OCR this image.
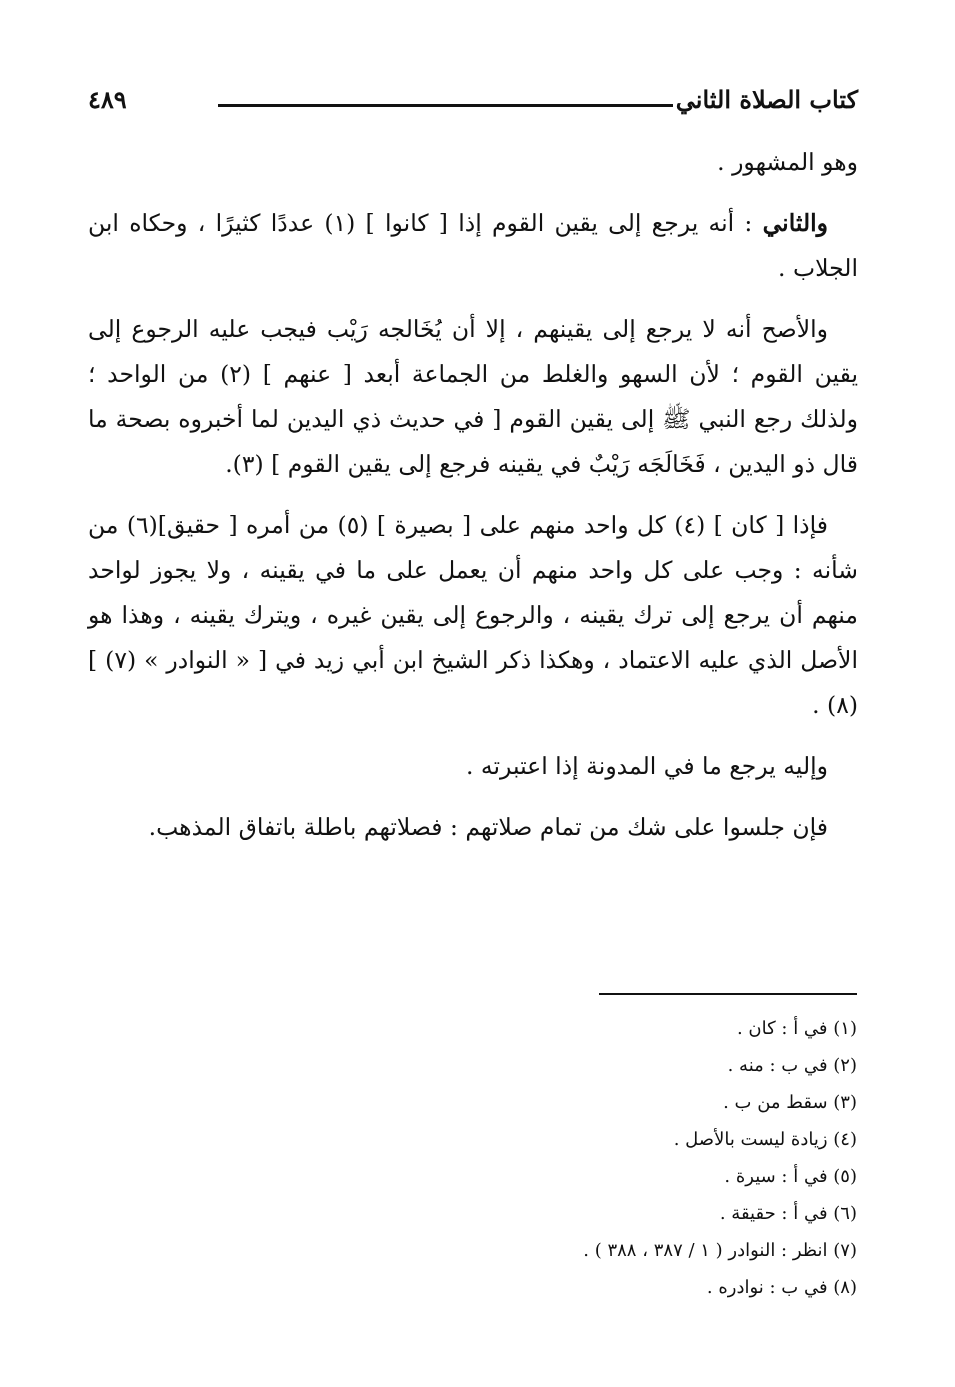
كتاب الصلاة الثاني
٤٨٩

وهو المشهور .

والثاني : أنه يرجع إلى يقين القوم إذا [ كانوا ] (١) عددًا كثيرًا ، وحكاه ابن الجلاب .

والأصح أنه لا يرجع إلى يقينهم ، إلا أن يُخَالجه رَيْب فيجب عليه الرجوع إلى يقين القوم ؛ لأن السهو والغلط من الجماعة أبعد [ عنهم ] (٢) من الواحد ؛ ولذلك رجع النبي ﷺ إلى يقين القوم [ في حديث ذي اليدين لما أخبروه بصحة ما قال ذو اليدين ، فَخَالَجَه رَيْبٌ في يقينه فرجع إلى يقين القوم ] (٣).

فإذا [ كان ] (٤) كل واحد منهم على [ بصيرة ] (٥) من أمره [ حقيق](٦) من شأنه : وجب على كل واحد منهم أن يعمل على ما في يقينه ، ولا يجوز لواحد منهم أن يرجع إلى ترك يقينه ، والرجوع إلى يقين غيره ، ويترك يقينه ، وهذا هو الأصل الذي عليه الاعتماد ، وهكذا ذكر الشيخ ابن أبي زيد في [ « النوادر » (٧) ] (٨) .

وإليه يرجع ما في المدونة إذا اعتبرته .

فإن جلسوا على شك من تمام صلاتهم : فصلاتهم باطلة باتفاق المذهب.

(١) في أ : كان .
(٢) في ب : منه .
(٣) سقط من ب .
(٤) زيادة ليست بالأصل .
(٥) في أ : سيرة .
(٦) في أ : حقيقة .
(٧) انظر : النوادر ( ١ / ٣٨٧ ، ٣٨٨ ) .
(٨) في ب : نوادره .
